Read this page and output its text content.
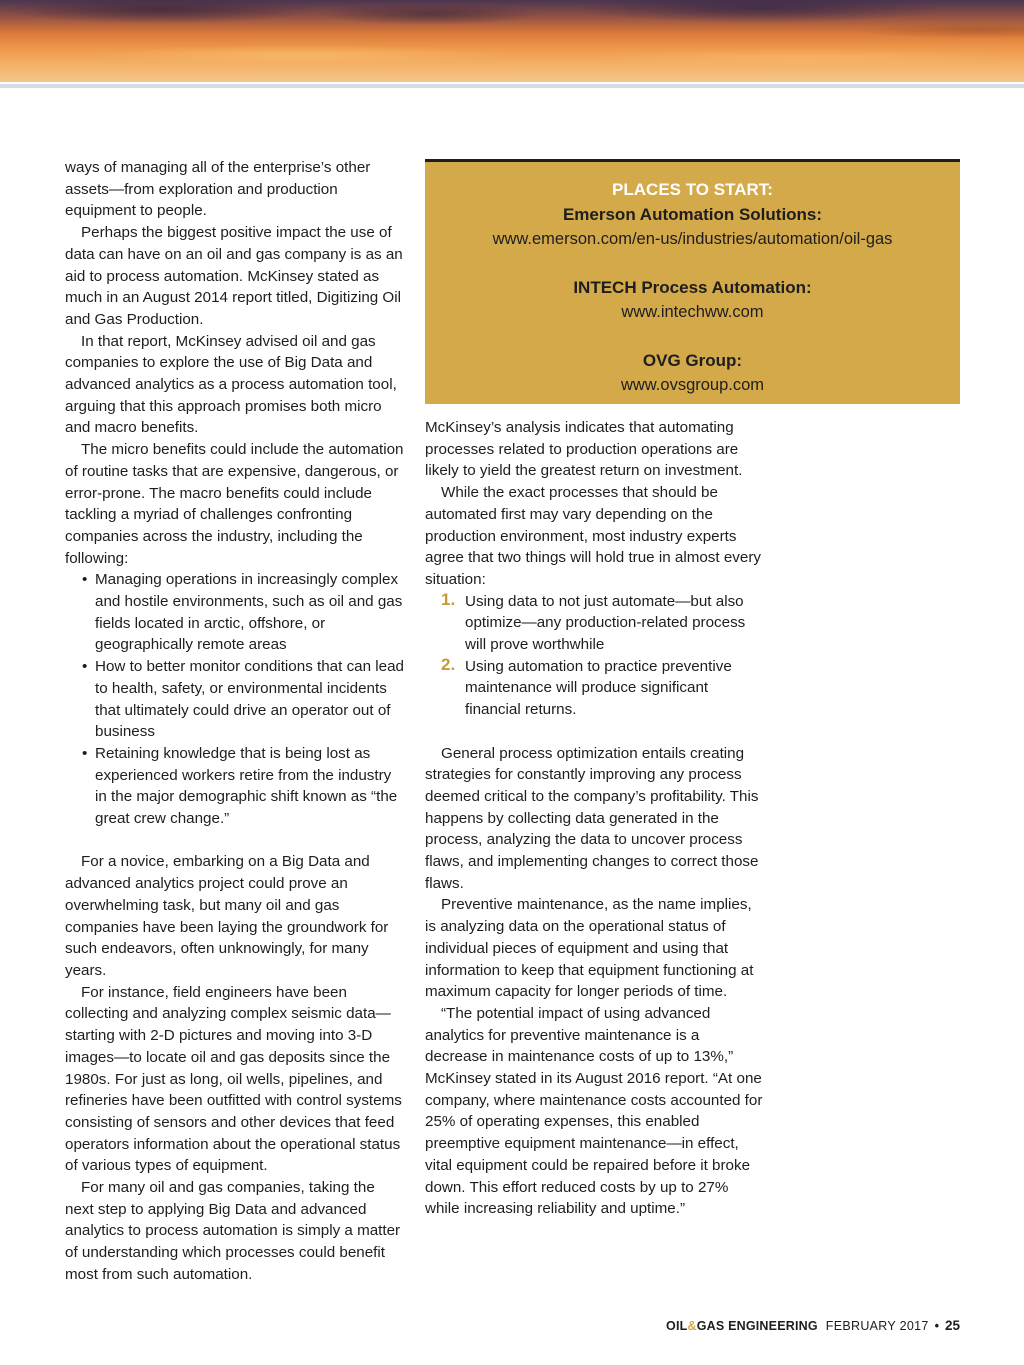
ways of managing all of the enterprise’s other assets—from exploration and production equipment to people.

Perhaps the biggest positive impact the use of data can have on an oil and gas company is as an aid to process automation. McKinsey stated as much in an August 2014 report titled, Digitizing Oil and Gas Production.

In that report, McKinsey advised oil and gas companies to explore the use of Big Data and advanced analytics as a process automation tool, arguing that this approach promises both micro and macro benefits.

The micro benefits could include the automation of routine tasks that are expensive, dangerous, or error-prone. The macro benefits could include tackling a myriad of challenges confronting companies across the industry, including the following:

• Managing operations in increasingly complex and hostile environments, such as oil and gas fields located in arctic, offshore, or geographically remote areas
• How to better monitor conditions that can lead to health, safety, or environmental incidents that ultimately could drive an operator out of business
• Retaining knowledge that is being lost as experienced workers retire from the industry in the major demographic shift known as “the great crew change.”

For a novice, embarking on a Big Data and advanced analytics project could prove an overwhelming task, but many oil and gas companies have been laying the groundwork for such endeavors, often unknowingly, for many years.

For instance, field engineers have been collecting and analyzing complex seismic data—starting with 2-D pictures and moving into 3-D images—to locate oil and gas deposits since the 1980s. For just as long, oil wells, pipelines, and refineries have been outfitted with control systems consisting of sensors and other devices that feed operators information about the operational status of various types of equipment.

For many oil and gas companies, taking the next step to applying Big Data and advanced analytics to process automation is simply a matter of understanding which processes could benefit most from such automation.

PLACES TO START:
Emerson Automation Solutions:
www.emerson.com/en-us/industries/automation/oil-gas
INTECH Process Automation:
www.intechww.com
OVG Group:
www.ovsgroup.com

McKinsey’s analysis indicates that automating processes related to production operations are likely to yield the greatest return on investment.

While the exact processes that should be automated first may vary depending on the production environment, most industry experts agree that two things will hold true in almost every situation:

1. Using data to not just automate—but also optimize—any production-related process will prove worthwhile
2. Using automation to practice preventive maintenance will produce significant financial returns.

General process optimization entails creating strategies for constantly improving any process deemed critical to the company’s profitability. This happens by collecting data generated in the process, analyzing the data to uncover process flaws, and implementing changes to correct those flaws.

Preventive maintenance, as the name implies, is analyzing data on the operational status of individual pieces of equipment and using that information to keep that equipment functioning at maximum capacity for longer periods of time.

“The potential impact of using advanced analytics for preventive maintenance is a decrease in maintenance costs of up to 13%,” McKinsey stated in its August 2016 report. “At one company, where maintenance costs accounted for 25% of operating expenses, this enabled preemptive equipment maintenance—in effect, vital equipment could be repaired before it broke down. This effort reduced costs by up to 27% while increasing reliability and uptime.”

OIL&GAS ENGINEERING FEBRUARY 2017 • 25
